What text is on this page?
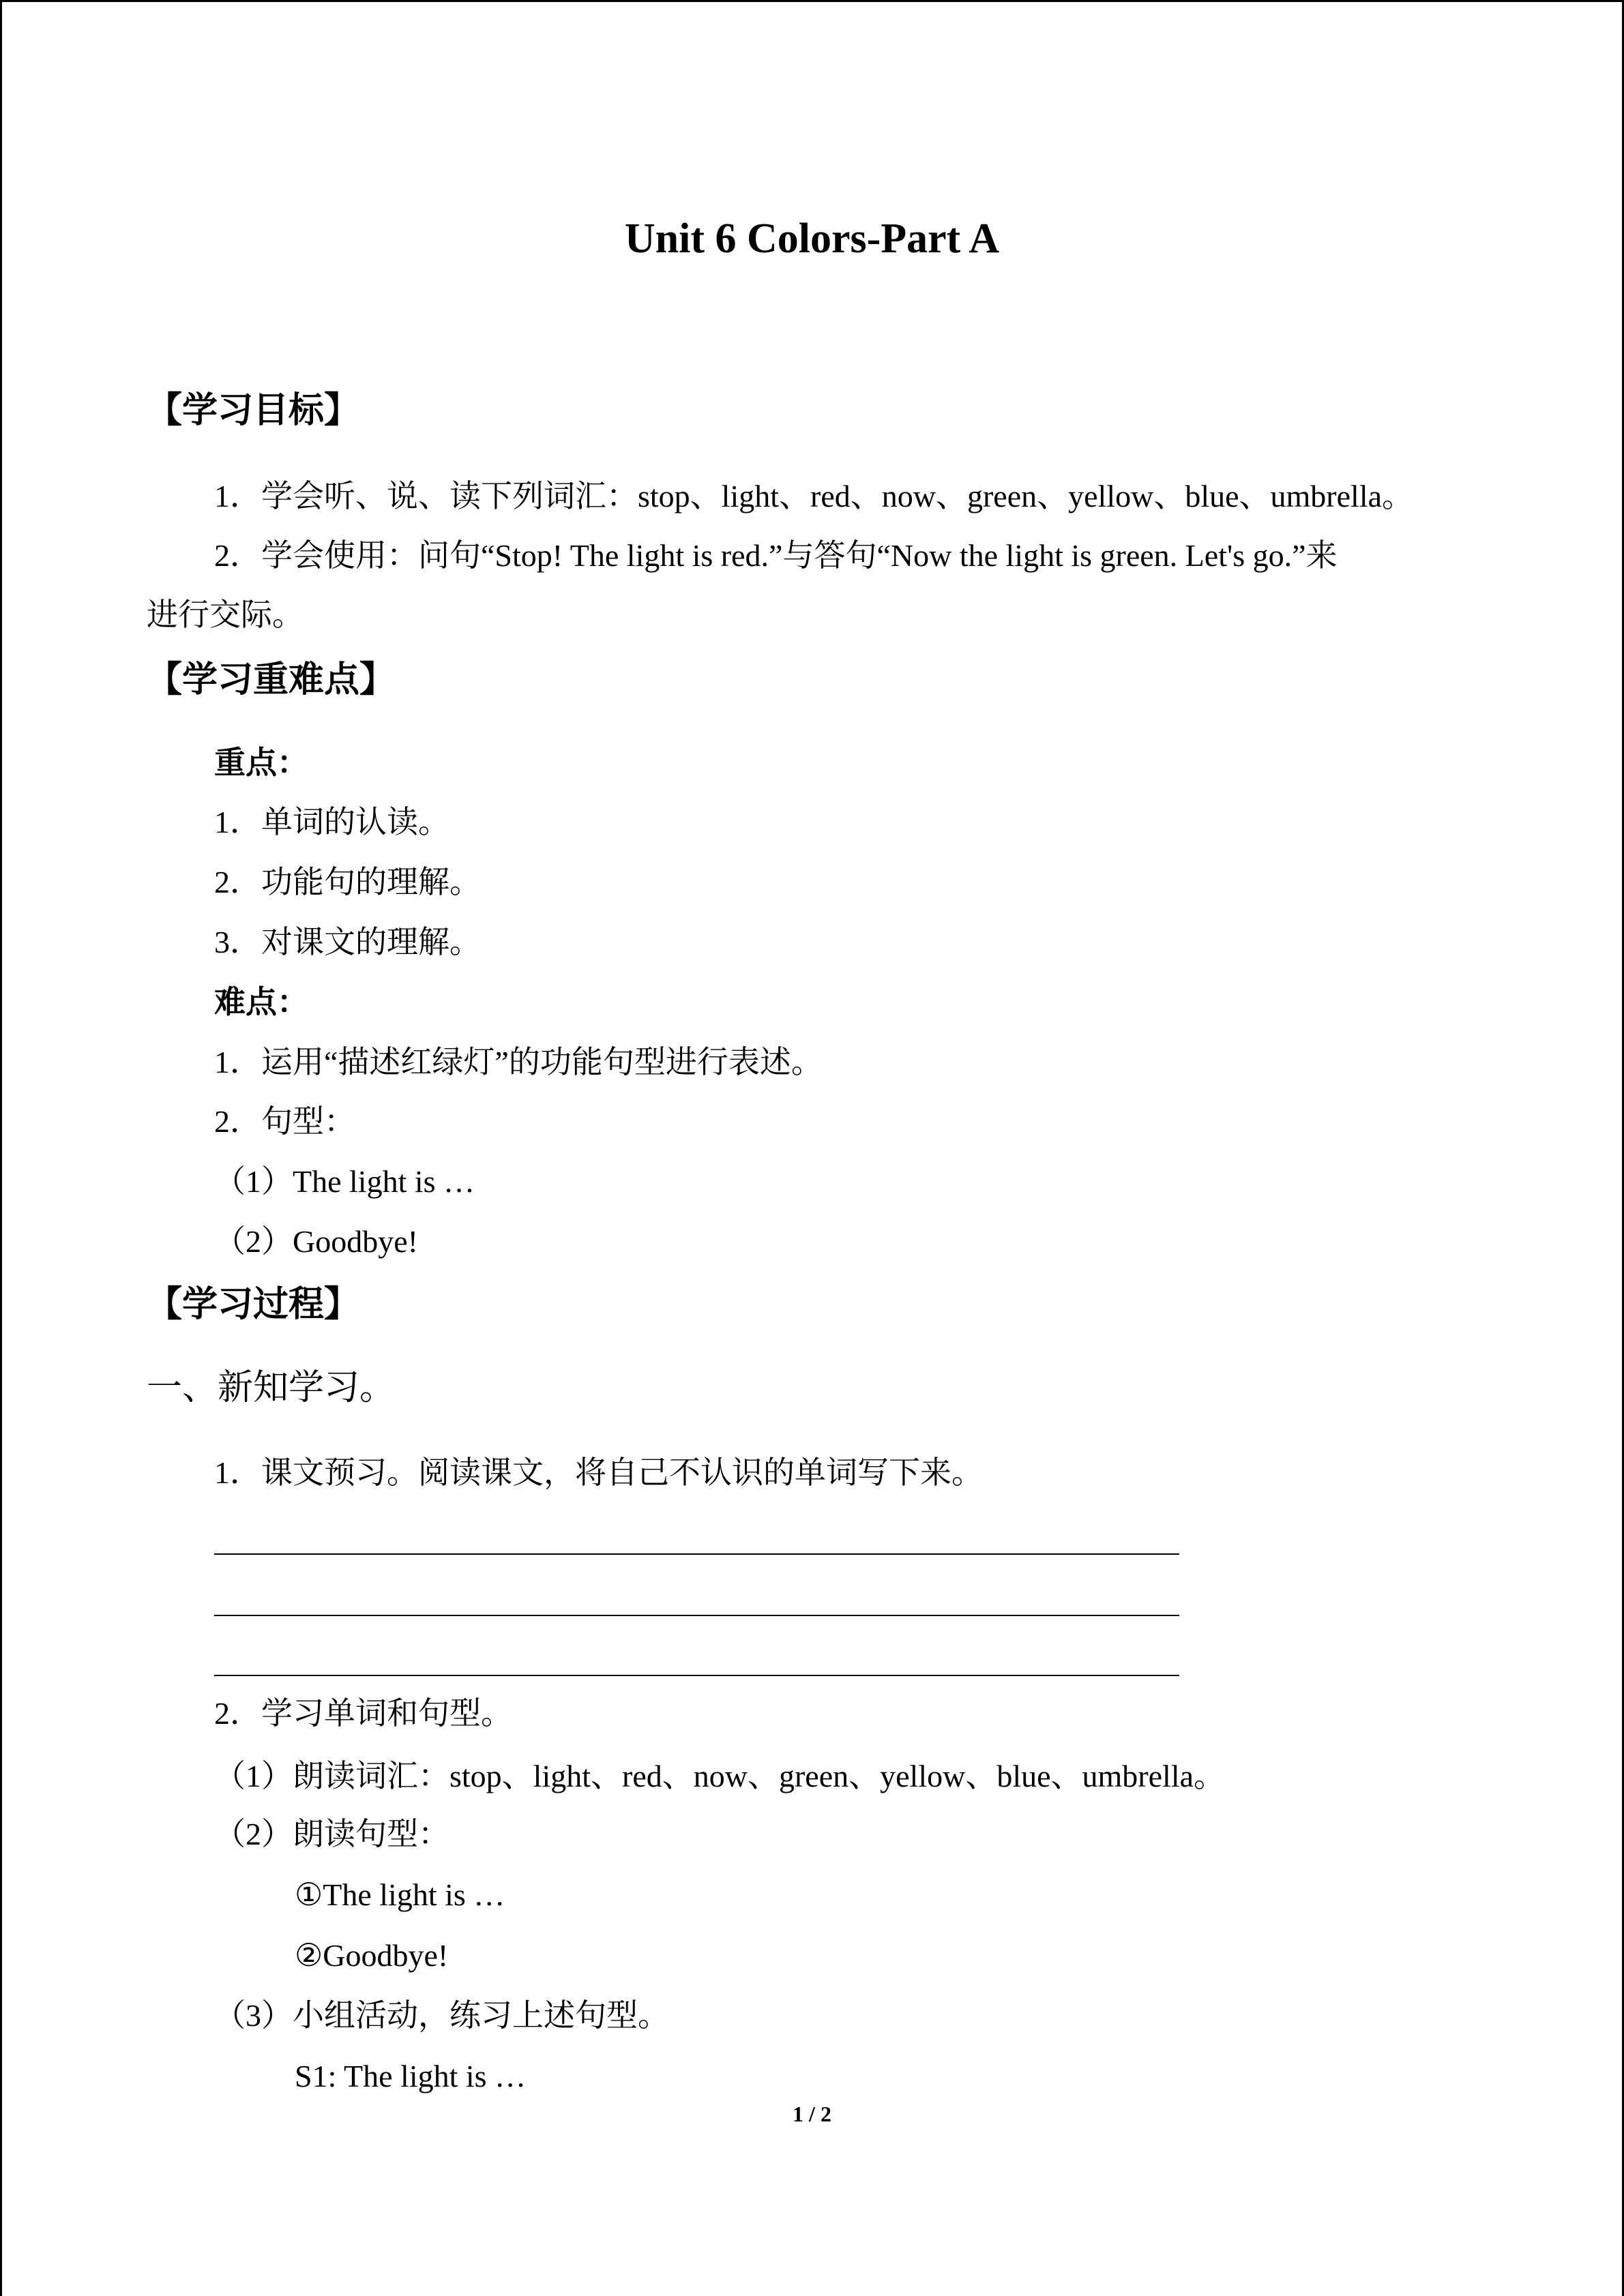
Unit 6 Colors-Part A
【学习目标】
1．学会听、说、读下列词汇：stop、light、red、now、green、yellow、blue、umbrella。
2．学会使用：问句“Stop! The light is red.”与答句“Now the light is green. Let's go.”来
进行交际。
【学习重难点】
重点：
1．单词的认读。
2．功能句的理解。
3．对课文的理解。
难点：
1．运用“描述红绿灯”的功能句型进行表述。
2．句型：
（1）The light is …
（2）Goodbye!
【学习过程】
一、新知学习。
1．课文预习。阅读课文，将自己不认识的单词写下来。
2．学习单词和句型。
（1）朗读词汇：stop、light、red、now、green、yellow、blue、umbrella。
（2）朗读句型：
①The light is …
②Goodbye!
（3）小组活动，练习上述句型。
S1: The light is …
1 / 2
